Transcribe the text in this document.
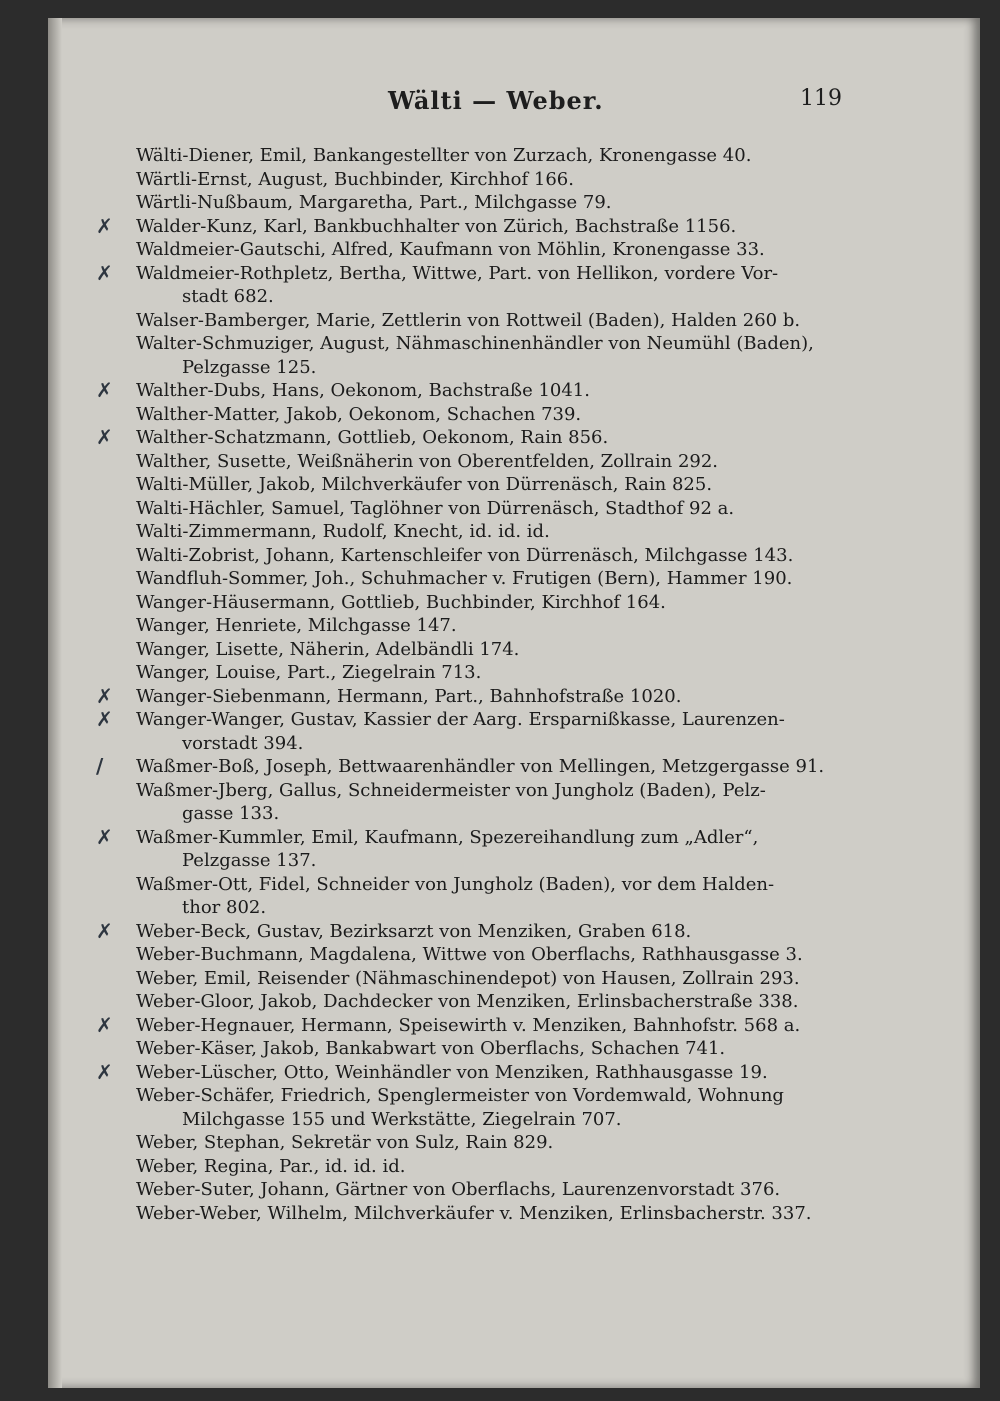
Wälti — Weber.	119
Wälti-Diener, Emil, Bankangestellter von Zurzach, Kronengasse 40.
Wärtli-Ernst, August, Buchbinder, Kirchhof 166.
Wärtli-Nußbaum, Margaretha, Part., Milchgasse 79.
✗	Walder-Kunz, Karl, Bankbuchhalter von Zürich, Bachstraße 1156.
Waldmeier-Gautschi, Alfred, Kaufmann von Möhlin, Kronengasse 33.
✗	Waldmeier-Rothpletz, Bertha, Wittwe, Part. von Hellikon, vordere Vor-
stadt 682.
Walser-Bamberger, Marie, Zettlerin von Rottweil (Baden), Halden 260 b.
Walter-Schmuziger, August, Nähmaschinenhändler von Neumühl (Baden),
Pelzgasse 125.
✗	Walther-Dubs, Hans, Oekonom, Bachstraße 1041.
Walther-Matter, Jakob, Oekonom, Schachen 739.
✗	Walther-Schatzmann, Gottlieb, Oekonom, Rain 856.
Walther, Susette, Weißnäherin von Oberentfelden, Zollrain 292.
Walti-Müller, Jakob, Milchverkäufer von Dürrenäsch, Rain 825.
Walti-Hächler, Samuel, Taglöhner von Dürrenäsch, Stadthof 92 a.
Walti-Zimmermann, Rudolf, Knecht, id. id. id.
Walti-Zobrist, Johann, Kartenschleifer von Dürrenäsch, Milchgasse 143.
Wandfluh-Sommer, Joh., Schuhmacher v. Frutigen (Bern), Hammer 190.
Wanger-Häusermann, Gottlieb, Buchbinder, Kirchhof 164.
Wanger, Henriete, Milchgasse 147.
Wanger, Lisette, Näherin, Adelbändli 174.
Wanger, Louise, Part., Ziegelrain 713.
✗	Wanger-Siebenmann, Hermann, Part., Bahnhofstraße 1020.
✗	Wanger-Wanger, Gustav, Kassier der Aarg. Ersparnißkasse, Laurenzen-
vorstadt 394.
/	Waßmer-Boß, Joseph, Bettwaarenhändler von Mellingen, Metzgergasse 91.
Waßmer-Jberg, Gallus, Schneidermeister von Jungholz (Baden), Pelz-
gasse 133.
✗	Waßmer-Kummler, Emil, Kaufmann, Spezereihandlung zum „Adler“,
Pelzgasse 137.
Waßmer-Ott, Fidel, Schneider von Jungholz (Baden), vor dem Halden-
thor 802.
✗	Weber-Beck, Gustav, Bezirksarzt von Menziken, Graben 618.
Weber-Buchmann, Magdalena, Wittwe von Oberflachs, Rathhausgasse 3.
Weber, Emil, Reisender (Nähmaschinendepot) von Hausen, Zollrain 293.
Weber-Gloor, Jakob, Dachdecker von Menziken, Erlinsbacherstraße 338.
✗	Weber-Hegnauer, Hermann, Speisewirth v. Menziken, Bahnhofstr. 568 a.
Weber-Käser, Jakob, Bankabwart von Oberflachs, Schachen 741.
✗	Weber-Lüscher, Otto, Weinhändler von Menziken, Rathhausgasse 19.
Weber-Schäfer, Friedrich, Spenglermeister von Vordemwald, Wohnung
Milchgasse 155 und Werkstätte, Ziegelrain 707.
Weber, Stephan, Sekretär von Sulz, Rain 829.
Weber, Regina, Par., id. id. id.
Weber-Suter, Johann, Gärtner von Oberflachs, Laurenzenvorstadt 376.
Weber-Weber, Wilhelm, Milchverkäufer v. Menziken, Erlinsbacherstr. 337.
